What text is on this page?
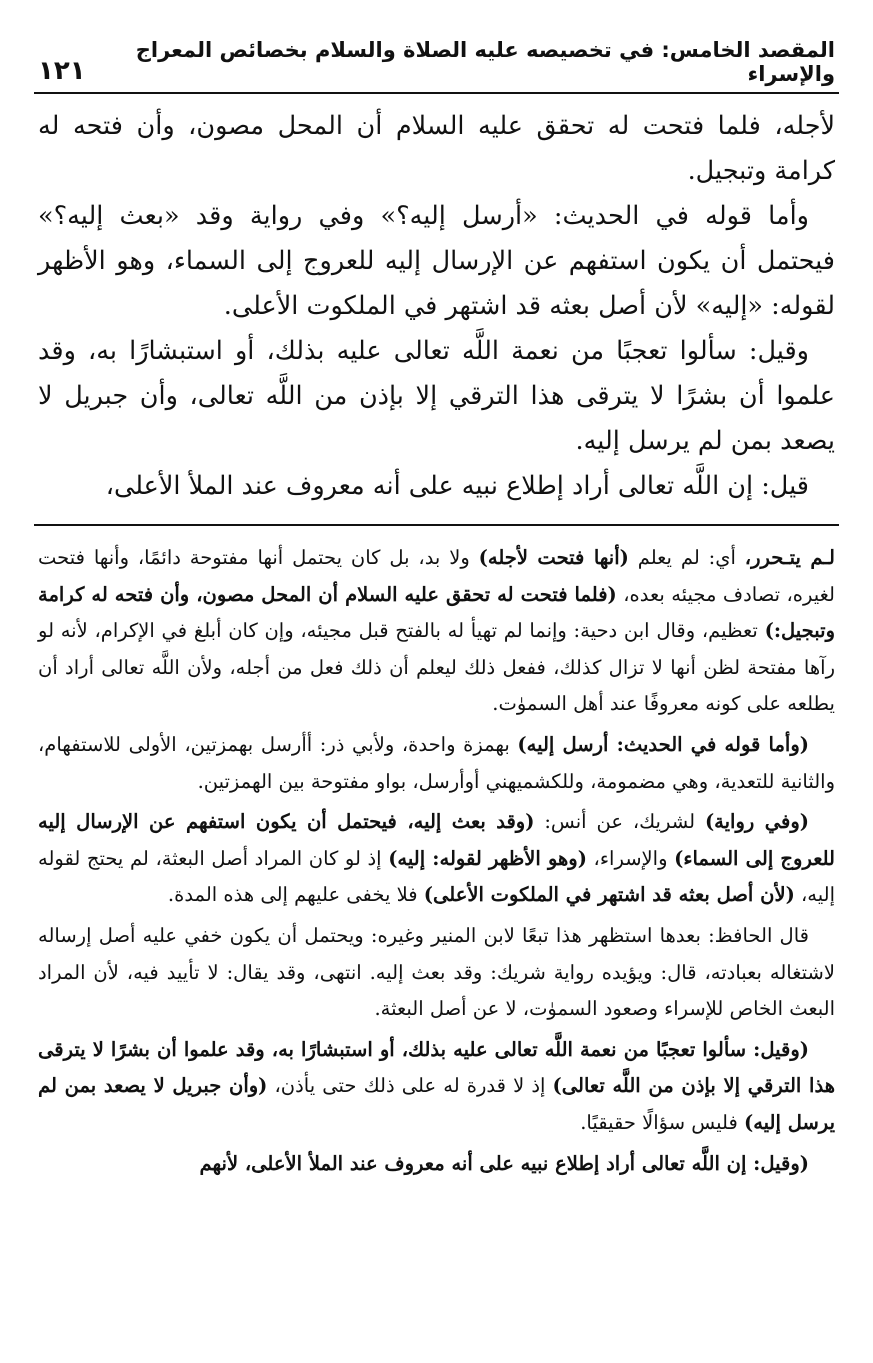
المقصد الخامس: في تخصيصه عليه الصلاة والسلام بخصائص المعراج والإسراء
١٢١

لأجله، فلما فتحت له تحقق عليه السلام أن المحل مصون، وأن فتحه له كرامة وتبجيل.

وأما قوله في الحديث: «أرسل إليه؟» وفي رواية وقد «بعث إليه؟» فيحتمل أن يكون استفهم عن الإرسال إليه للعروج إلى السماء، وهو الأظهر لقوله: «إليه» لأن أصل بعثه قد اشتهر في الملكوت الأعلى.

وقيل: سألوا تعجبًا من نعمة اللَّه تعالى عليه بذلك، أو استبشارًا به، وقد علموا أن بشرًا لا يترقى هذا الترقي إلا بإذن من اللَّه تعالى، وأن جبريل لا يصعد بمن لم يرسل إليه.

قيل: إن اللَّه تعالى أراد إطلاع نبيه على أنه معروف عند الملأ الأعلى،

لـم يتـحرر، أي: لم يعلم (أنها فتحت لأجله) ولا بد، بل كان يحتمل أنها مفتوحة دائمًا، وأنها فتحت لغيره، تصادف مجيئه بعده، (فلما فتحت له تحقق عليه السلام أن المحل مصون، وأن فتحه له كرامة وتبجيل:) تعظيم، وقال ابن دحية: وإنما لم تهيأ له بالفتح قبل مجيئه، وإن كان أبلغ في الإكرام، لأنه لو رآها مفتحة لظن أنها لا تزال كذلك، ففعل ذلك ليعلم أن ذلك فعل من أجله، ولأن اللَّه تعالى أراد أن يطلعه على كونه معروفًا عند أهل السموٰت.

(وأما قوله في الحديث: أرسل إليه) بهمزة واحدة، ولأبي ذر: أأرسل بهمزتين، الأولى للاستفهام، والثانية للتعدية، وهي مضمومة، وللكشميهني أوأرسل، بواو مفتوحة بين الهمزتين.

(وفي رواية) لشريك، عن أنس: (وقد بعث إليه، فيحتمل أن يكون استفهم عن الإرسال إليه للعروج إلى السماء) والإسراء، (وهو الأظهر لقوله: إليه) إذ لو كان المراد أصل البعثة، لم يحتج لقوله إليه، (لأن أصل بعثه قد اشتهر في الملكوت الأعلى) فلا يخفى عليهم إلى هذه المدة.

قال الحافظ: بعدها استظهر هذا تبعًا لابن المنير وغيره: ويحتمل أن يكون خفي عليه أصل إرساله لاشتغاله بعبادته، قال: ويؤيده رواية شريك: وقد بعث إليه. انتهى، وقد يقال: لا تأييد فيه، لأن المراد البعث الخاص للإسراء وصعود السموٰت، لا عن أصل البعثة.

(وقيل: سألوا تعجبًا من نعمة اللَّه تعالى عليه بذلك، أو استبشارًا به، وقد علموا أن بشرًا لا يترقى هذا الترقي إلا بإذن من اللَّه تعالى) إذ لا قدرة له على ذلك حتى يأذن، (وأن جبريل لا يصعد بمن لم يرسل إليه) فليس سؤالًا حقيقيًا.

(وقيل: إن اللَّه تعالى أراد إطلاع نبيه على أنه معروف عند الملأ الأعلى، لأنهم
